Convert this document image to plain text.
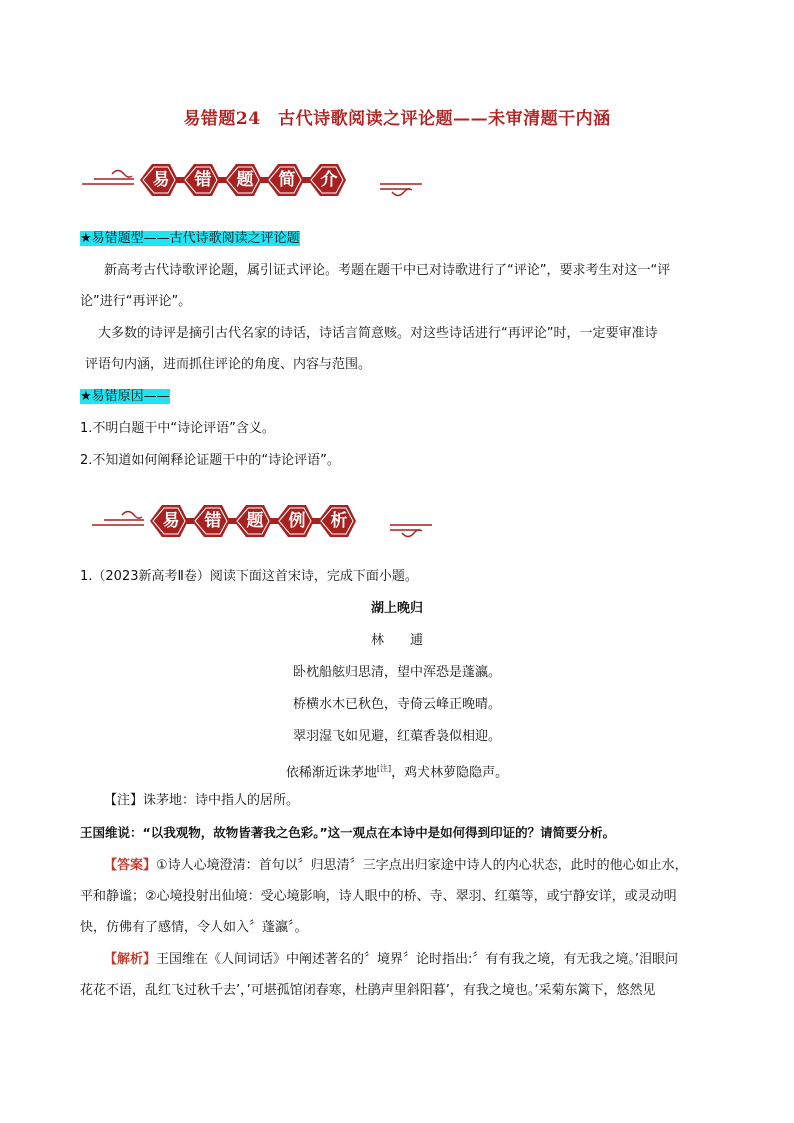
易错题24　古代诗歌阅读之评论题——未审清题干内涵
易	错	题	简	介
★易错题型——古代诗歌阅读之评论题
新高考古代诗歌评论题，属引证式评论。考题在题干中已对诗歌进行了“评论”，要求考生对这一“评
论”进行“再评论”。
大多数的诗评是摘引古代名家的诗话，诗话言简意赅。对这些诗话进行“再评论”时，一定要审准诗
评语句内涵，进而抓住评论的角度、内容与范围。
★易错原因——
1.不明白题干中“诗论评语”含义。
2.不知道如何阐释论证题干中的“诗论评语”。
易	错	题	例	析
1.（2023新高考Ⅱ卷）阅读下面这首宋诗，完成下面小题。
湖上晚归
林　　逋
卧枕船舷归思清，望中浑恐是蓬瀛。
桥横水木已秋色，寺倚云峰正晚晴。
翠羽湿飞如见避，红蕖香袅似相迎。
依稀渐近诛茅地[注]，鸡犬林萝隐隐声。
【注】诛茅地：诗中指人的居所。
王国维说：“以我观物，故物皆著我之色彩。”这一观点在本诗中是如何得到印证的？请简要分析。
【答案】①诗人心境澄清：首句以〞归思清〞三字点出归家途中诗人的内心状态，此时的他心如止水，
平和静谧；②心境投射出仙境：受心境影响，诗人眼中的桥、寺、翠羽、红蕖等，或宁静安详，或灵动明
快，仿佛有了感情，令人如入〞蓬瀛〞。
【解析】王国维在《人间词话》中阐述著名的〞境界〞论时指出:〞有有我之境，有无我之境。’泪眼问
花花不语，乱红飞过秋千去’，’可堪孤馆闭春寒，杜鹃声里斜阳暮’，有我之境也。’采菊东篱下，悠然见
